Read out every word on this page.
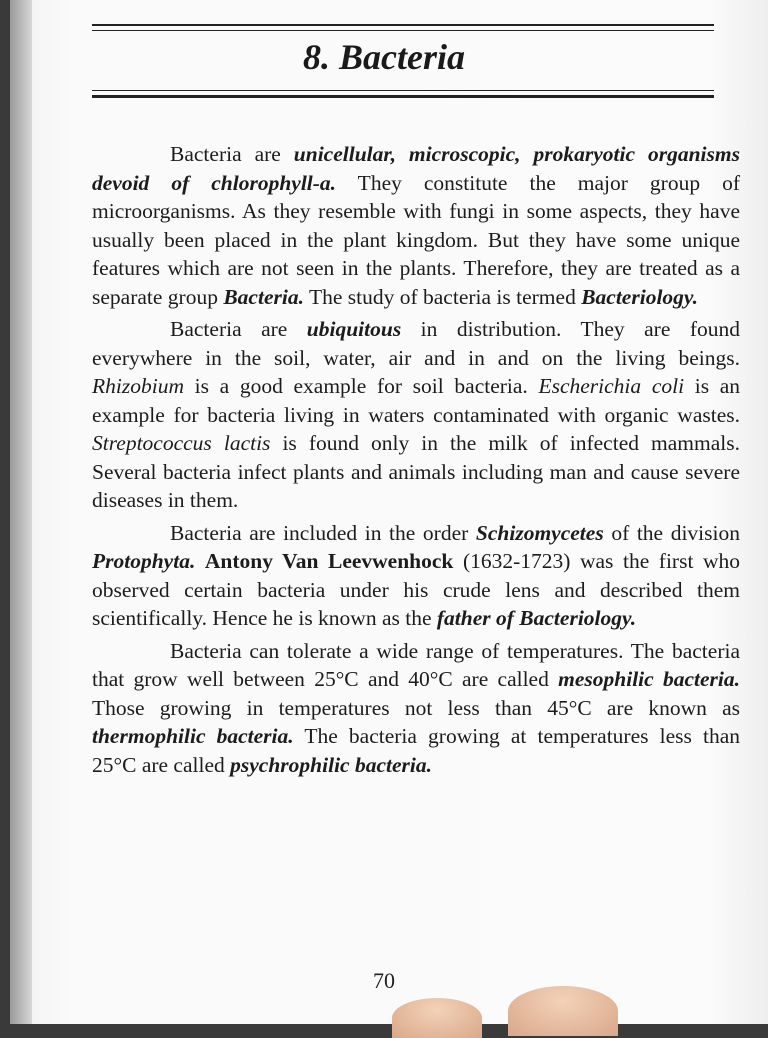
8. Bacteria

Bacteria are unicellular, microscopic, prokaryotic organisms devoid of chlorophyll-a. They constitute the major group of microorganisms. As they resemble with fungi in some aspects, they have usually been placed in the plant kingdom. But they have some unique features which are not seen in the plants. Therefore, they are treated as a separate group Bacteria. The study of bacteria is termed Bacteriology.

Bacteria are ubiquitous in distribution. They are found everywhere in the soil, water, air and in and on the living beings. Rhizobium is a good example for soil bacteria. Escherichia coli is an example for bacteria living in waters contaminated with organic wastes. Streptococcus lactis is found only in the milk of infected mammals. Several bacteria infect plants and animals including man and cause severe diseases in them.

Bacteria are included in the order Schizomycetes of the division Protophyta. Antony Van Leevwenhock (1632-1723) was the first who observed certain bacteria under his crude lens and described them scientifically. Hence he is known as the father of Bacteriology.

Bacteria can tolerate a wide range of temperatures. The bacteria that grow well between 25°C and 40°C are called mesophilic bacteria. Those growing in temperatures not less than 45°C are known as thermophilic bacteria. The bacteria growing at temperatures less than 25°C are called psychrophilic bacteria.

70
